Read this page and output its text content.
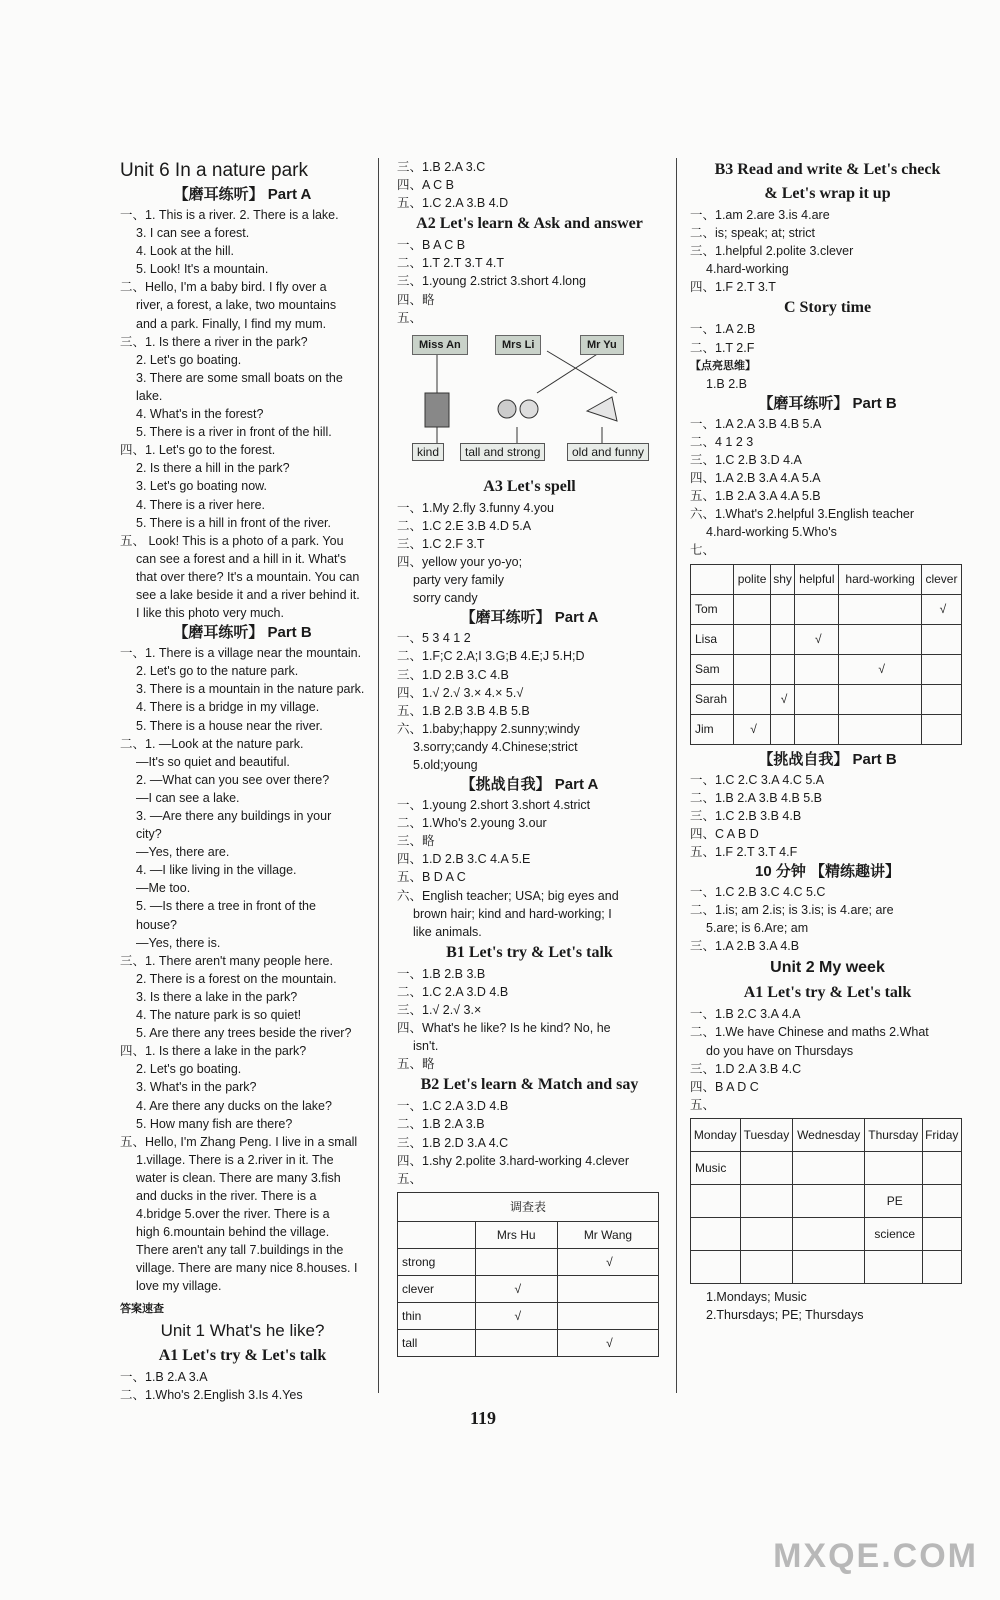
Unit 6 In a nature park
【磨耳练听】 Part A
一、1. This is a river. 2. There is a lake.
3. I can see a forest.
4. Look at the hill.
5. Look! It's a mountain.
二、Hello, I'm a baby bird. I fly over a
river, a forest, a lake, two mountains
and a park. Finally, I find my mum.
三、1. Is there a river in the park?
2. Let's go boating.
3. There are some small boats on the
lake.
4. What's in the forest?
5. There is a river in front of the hill.
四、1. Let's go to the forest.
2. Is there a hill in the park?
3. Let's go boating now.
4. There is a river here.
5. There is a hill in front of the river.
五、 Look! This is a photo of a park. You
can see a forest and a hill in it. What's
that over there? It's a mountain. You can
see a lake beside it and a river behind it.
I like this photo very much.
【磨耳练听】 Part B
一、1. There is a village near the mountain.
2. Let's go to the nature park.
3. There is a mountain in the nature park.
4. There is a bridge in my village.
5. There is a house near the river.
二、1. —Look at the nature park.
—It's so quiet and beautiful.
2. —What can you see over there?
—I can see a lake.
3. —Are there any buildings in your
city?
—Yes, there are.
4. —I like living in the village.
—Me too.
5. —Is there a tree in front of the
house?
—Yes, there is.
三、1. There aren't many people here.
2. There is a forest on the mountain.
3. Is there a lake in the park?
4. The nature park is so quiet!
5. Are there any trees beside the river?
四、1. Is there a lake in the park?
2. Let's go boating.
3. What's in the park?
4. Are there any ducks on the lake?
5. How many fish are there?
五、Hello, I'm Zhang Peng. I live in a small
1.village. There is a 2.river in it. The
water is clean. There are many 3.fish
and ducks in the river. There is a
4.bridge 5.over the river. There is a
high 6.mountain behind the village.
There aren't any tall 7.buildings in the
village. There are many nice 8.houses. I
love my village.
答案速查
Unit 1 What's he like?
A1 Let's try & Let's talk
一、1.B 2.A 3.A
二、1.Who's 2.English 3.Is 4.Yes
三、1.B 2.A 3.C
四、A C B
五、1.C 2.A 3.B 4.D
A2 Let's learn & Ask and answer
一、B A C B
二、1.T 2.T 3.T 4.T
三、1.young 2.strict 3.short 4.long
四、略
五、
Miss An	Mrs Li	Mr Yu
kind	tall and strong	old and funny
A3 Let's spell
一、1.My 2.fly 3.funny 4.you
二、1.C 2.E 3.B 4.D 5.A
三、1.C 2.F 3.T
四、yellow your yo-yo;
party very family
sorry candy
【磨耳练听】 Part A
一、5 3 4 1 2
二、1.F;C 2.A;I 3.G;B 4.E;J 5.H;D
三、1.D 2.B 3.C 4.B
四、1.√ 2.√ 3.× 4.× 5.√
五、1.B 2.B 3.B 4.B 5.B
六、1.baby;happy 2.sunny;windy
3.sorry;candy 4.Chinese;strict
5.old;young
【挑战自我】 Part A
一、1.young 2.short 3.short 4.strict
二、1.Who's 2.young 3.our
三、略
四、1.D 2.B 3.C 4.A 5.E
五、B D A C
六、English teacher; USA; big eyes and
brown hair; kind and hard-working; I
like animals.
B1 Let's try & Let's talk
一、1.B 2.B 3.B
二、1.C 2.A 3.D 4.B
三、1.√ 2.√ 3.×
四、What's he like? Is he kind? No, he
isn't.
五、略
B2 Let's learn & Match and say
一、1.C 2.A 3.D 4.B
二、1.B 2.A 3.B
三、1.B 2.D 3.A 4.C
四、1.shy 2.polite 3.hard-working 4.clever
五、
调查表		
	Mrs Hu	Mr Wang
strong		√
clever	√	
thin	√	
tall		√
B3 Read and write & Let's check
& Let's wrap it up
一、1.am 2.are 3.is 4.are
二、is; speak; at; strict
三、1.helpful 2.polite 3.clever
4.hard-working
四、1.F 2.T 3.T
C Story time
一、1.A 2.B
二、1.T 2.F
【点亮思维】
1.B 2.B
【磨耳练听】 Part B
一、1.A 2.A 3.B 4.B 5.A
二、4 1 2 3
三、1.C 2.B 3.D 4.A
四、1.A 2.B 3.A 4.A 5.A
五、1.B 2.A 3.A 4.A 5.B
六、1.What's 2.helpful 3.English teacher
4.hard-working 5.Who's
七、
	polite	shy	helpful	hard-working	clever
Tom					√
Lisa			√		
Sam				√	
Sarah		√			
Jim	√				
【挑战自我】 Part B
一、1.C 2.C 3.A 4.C 5.A
二、1.B 2.A 3.B 4.B 5.B
三、1.C 2.B 3.B 4.B
四、C A B D
五、1.F 2.T 3.T 4.F
10 分钟 【精练趣讲】
一、1.C 2.B 3.C 4.C 5.C
二、1.is; am 2.is; is 3.is; is 4.are; are
5.are; is 6.Are; am
三、1.A 2.B 3.A 4.B
Unit 2 My week
A1 Let's try & Let's talk
一、1.B 2.C 3.A 4.A
二、1.We have Chinese and maths 2.What
do you have on Thursdays
三、1.D 2.A 3.B 4.C
四、B A D C
五、
Monday	Tuesday	Wednesday	Thursday	Friday
Music				
			PE	
			science	

1.Mondays; Music
2.Thursdays; PE; Thursdays
119
MXQE.COM
